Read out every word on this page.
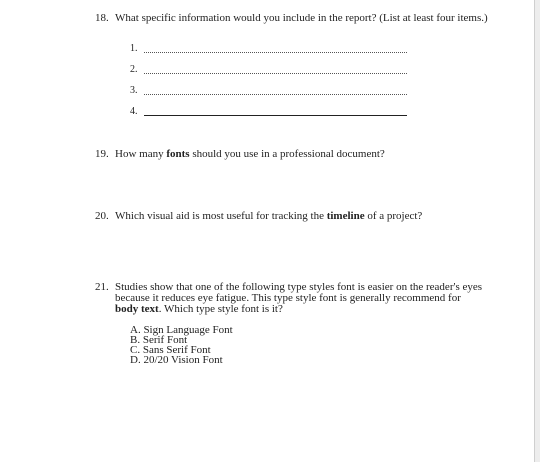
18. What specific information would you include in the report? (List at least four items.)
1.
2.
3.
4.
19. How many fonts should you use in a professional document?
20. Which visual aid is most useful for tracking the timeline of a project?
21. Studies show that one of the following type styles font is easier on the reader's eyes
because it reduces eye fatigue. This type style font is generally recommend for
body text. Which type style font is it?
A. Sign Language Font
B. Serif Font
C. Sans Serif Font
D. 20/20 Vision Font
